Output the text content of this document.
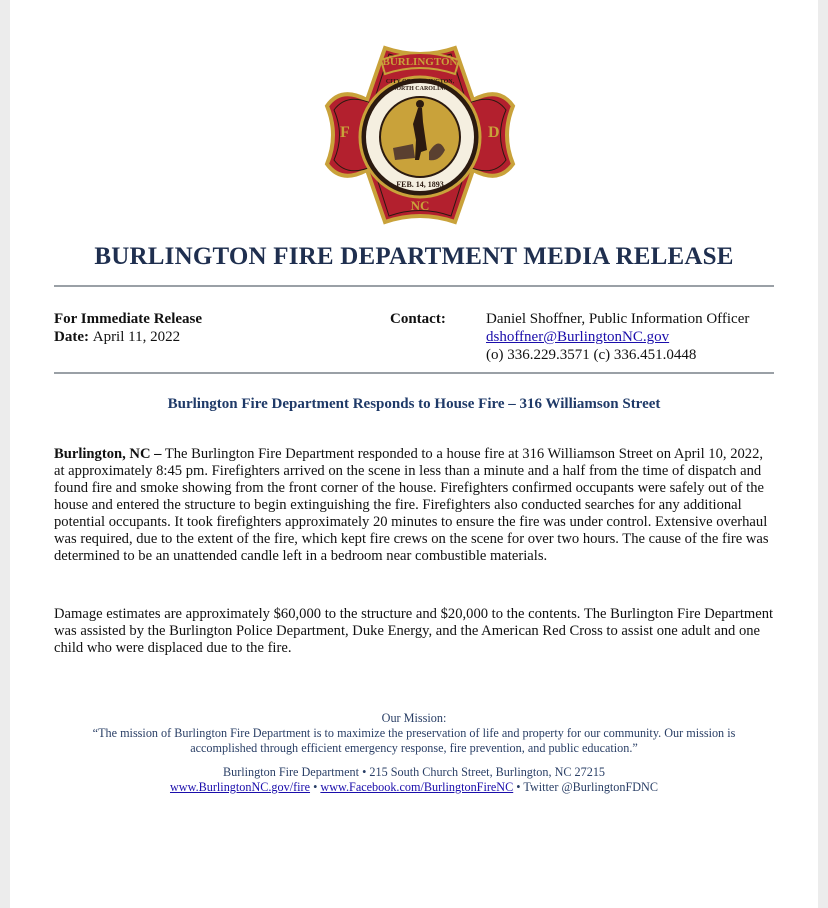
BURLINGTON
CITY OF BURLINGTON, NORTH CAROLINA
FEB. 14, 1893
F	D
NC
BURLINGTON FIRE DEPARTMENT MEDIA RELEASE
For Immediate Release
Date: April 11, 2022
Contact:	Daniel Shoffner, Public Information Officer
dshoffner@BurlingtonNC.gov
(o) 336.229.3571 (c) 336.451.0448
Burlington Fire Department Responds to House Fire – 316 Williamson Street
Burlington, NC – The Burlington Fire Department responded to a house fire at 316 Williamson Street on April 10, 2022, at approximately 8:45 pm. Firefighters arrived on the scene in less than a minute and a half from the time of dispatch and found fire and smoke showing from the front corner of the house. Firefighters confirmed occupants were safely out of the house and entered the structure to begin extinguishing the fire. Firefighters also conducted searches for any additional potential occupants. It took firefighters approximately 20 minutes to ensure the fire was under control. Extensive overhaul was required, due to the extent of the fire, which kept fire crews on the scene for over two hours. The cause of the fire was determined to be an unattended candle left in a bedroom near combustible materials.
Damage estimates are approximately $60,000 to the structure and $20,000 to the contents. The Burlington Fire Department was assisted by the Burlington Police Department, Duke Energy, and the American Red Cross to assist one adult and one child who were displaced due to the fire.
Our Mission:
“The mission of Burlington Fire Department is to maximize the preservation of life and property for our community. Our mission is
accomplished through efficient emergency response, fire prevention, and public education.”
Burlington Fire Department • 215 South Church Street, Burlington, NC 27215
www.BurlingtonNC.gov/fire • www.Facebook.com/BurlingtonFireNC • Twitter @BurlingtonFDNC
